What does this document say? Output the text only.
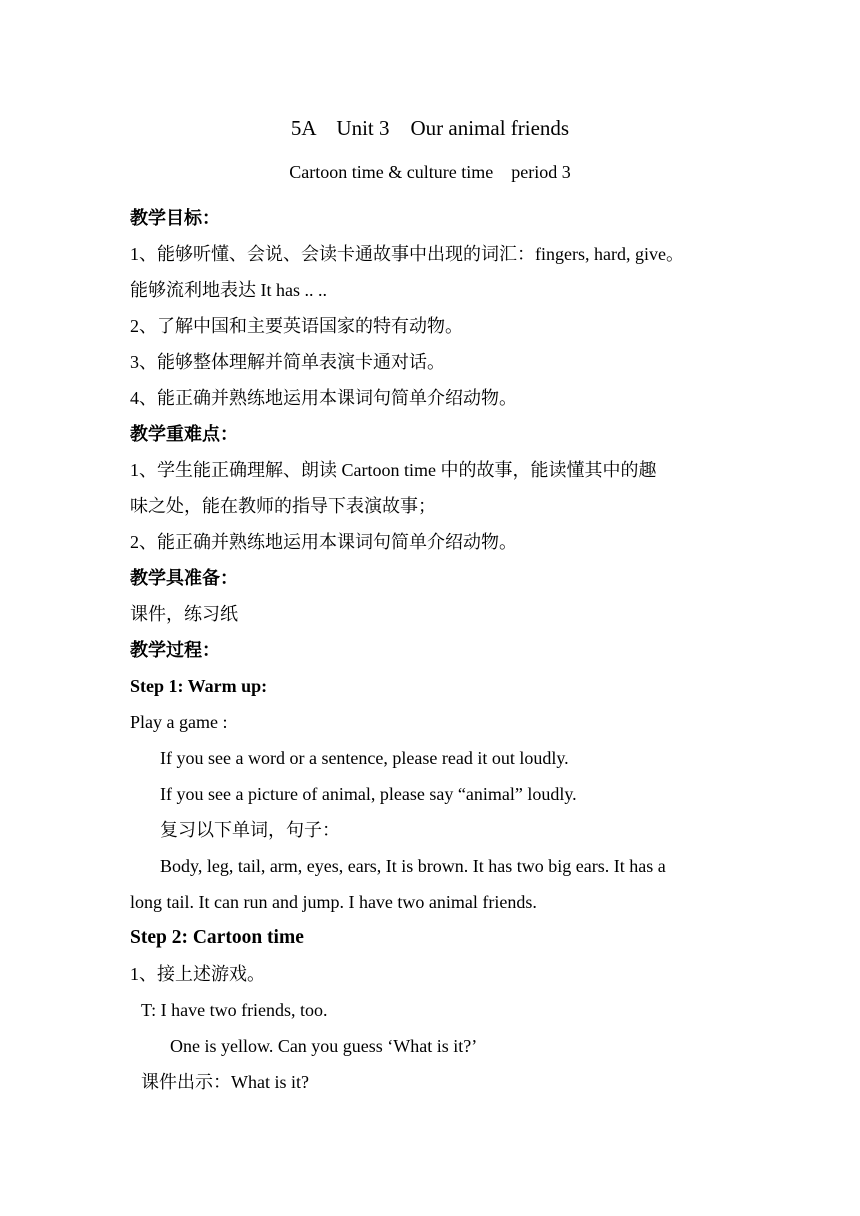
5A    Unit 3    Our animal friends
Cartoon time & culture time    period 3
教学目标：
1、能够听懂、会说、会读卡通故事中出现的词汇：fingers, hard, give。
能够流利地表达 It has .. ..
2、了解中国和主要英语国家的特有动物。
3、能够整体理解并简单表演卡通对话。
4、能正确并熟练地运用本课词句简单介绍动物。
教学重难点：
1、学生能正确理解、朗读 Cartoon time 中的故事，能读懂其中的趣
味之处，能在教师的指导下表演故事；
2、能正确并熟练地运用本课词句简单介绍动物。
教学具准备：
课件，练习纸
教学过程：
Step 1: Warm up:
Play a game :
If you see a word or a sentence, please read it out loudly.
If you see a picture of animal, please say “animal” loudly.
复习以下单词，句子：
Body, leg, tail, arm, eyes, ears, It is brown. It has two big ears. It has a
long tail. It can run and jump. I have two animal friends.
Step 2: Cartoon time
1、接上述游戏。
T: I have two friends, too.
One is yellow. Can you guess ‘What is it?’
课件出示：What is it?
